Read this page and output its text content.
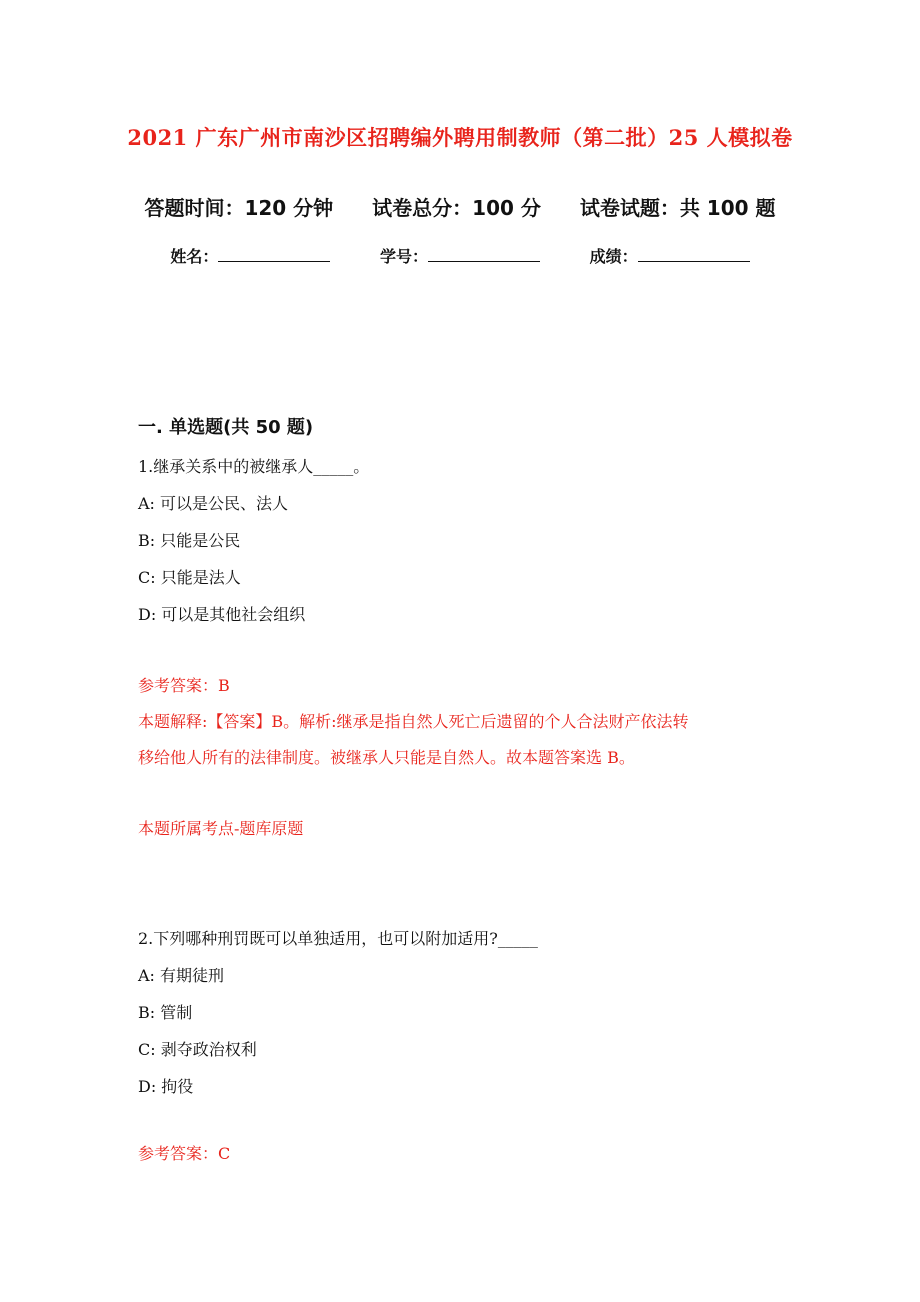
2021 广东广州市南沙区招聘编外聘用制教师（第二批）25 人模拟卷
答题时间：120 分钟 试卷总分：100 分 试卷试题：共 100 题
姓名：	学号：	成绩：
一. 单选题(共 50 题)
1.继承关系中的被继承人_____。
A: 可以是公民、法人
B: 只能是公民
C: 只能是法人
D: 可以是其他社会组织
参考答案：B
本题解释:【答案】B。解析:继承是指自然人死亡后遗留的个人合法财产依法转
移给他人所有的法律制度。被继承人只能是自然人。故本题答案选 B。
本题所属考点-题库原题
2.下列哪种刑罚既可以单独适用，也可以附加适用?_____
A: 有期徒刑
B: 管制
C: 剥夺政治权利
D: 拘役
参考答案：C
